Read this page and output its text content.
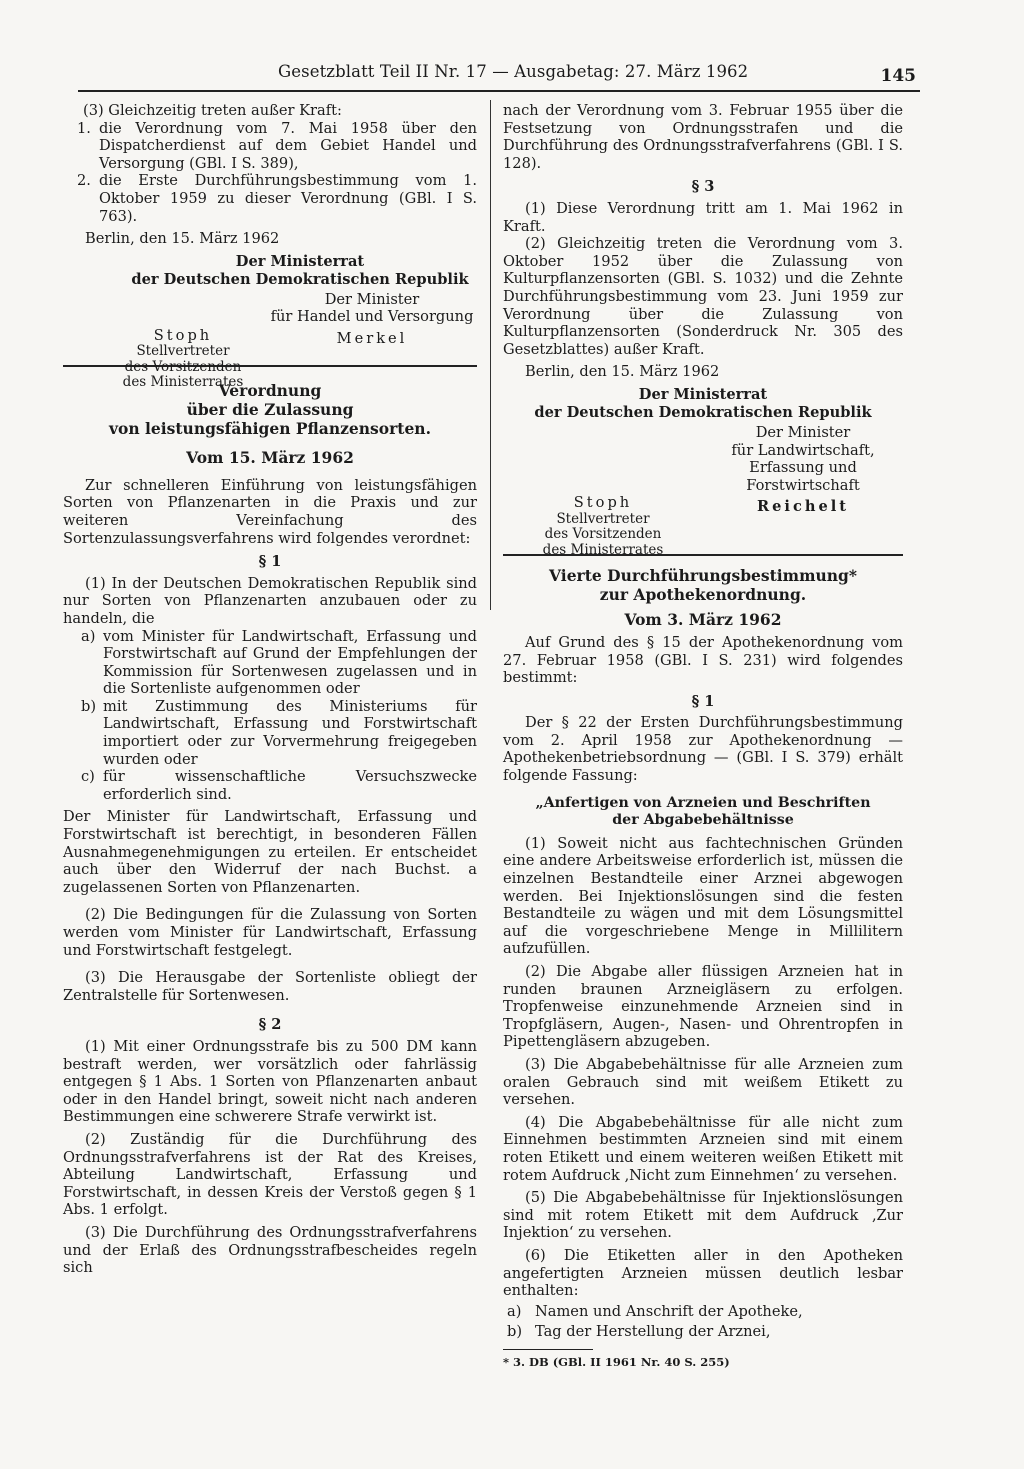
Gesetzblatt Teil II Nr. 17 — Ausgabetag: 27. März 1962	145

(3) Gleichzeitig treten außer Kraft:

1. die Verordnung vom 7. Mai 1958 über den Dispatcherdienst auf dem Gebiet Handel und Versorgung (GBl. I S. 389),
2. die Erste Durchführungsbestimmung vom 1. Oktober 1959 zu dieser Verordnung (GBl. I S. 763).

Berlin, den 15. März 1962

Der Ministerrat
der Deutschen Demokratischen Republik
Der Minister
für Handel und Versorgung
Merkel
Stoph
Stellvertreter
des Vorsitzenden
des Ministerrates
Verordnung
über die Zulassung
von leistungsfähigen Pflanzensorten.
Vom 15. März 1962

Zur schnelleren Einführung von leistungsfähigen Sorten von Pflanzenarten in die Praxis und zur weiteren Vereinfachung des Sortenzulassungsverfahrens wird folgendes verordnet:

§ 1

(1) In der Deutschen Demokratischen Republik sind nur Sorten von Pflanzenarten anzubauen oder zu handeln, die

a) vom Minister für Landwirtschaft, Erfassung und Forstwirtschaft auf Grund der Empfehlungen der Kommission für Sortenwesen zugelassen und in die Sortenliste aufgenommen oder
b) mit Zustimmung des Ministeriums für Landwirtschaft, Erfassung und Forstwirtschaft importiert oder zur Vorvermehrung freigegeben wurden oder
c) für wissenschaftliche Versuchszwecke erforderlich sind.

Der Minister für Landwirtschaft, Erfassung und Forstwirtschaft ist berechtigt, in besonderen Fällen Ausnahmegenehmigungen zu erteilen. Er entscheidet auch über den Widerruf der nach Buchst. a zugelassenen Sorten von Pflanzenarten.

(2) Die Bedingungen für die Zulassung von Sorten werden vom Minister für Landwirtschaft, Erfassung und Forstwirtschaft festgelegt.

(3) Die Herausgabe der Sortenliste obliegt der Zentralstelle für Sortenwesen.

§ 2

(1) Mit einer Ordnungsstrafe bis zu 500 DM kann bestraft werden, wer vorsätzlich oder fahrlässig entgegen § 1 Abs. 1 Sorten von Pflanzenarten anbaut oder in den Handel bringt, soweit nicht nach anderen Bestimmungen eine schwerere Strafe verwirkt ist.

(2) Zuständig für die Durchführung des Ordnungsstrafverfahrens ist der Rat des Kreises, Abteilung Landwirtschaft, Erfassung und Forstwirtschaft, in dessen Kreis der Verstoß gegen § 1 Abs. 1 erfolgt.

(3) Die Durchführung des Ordnungsstrafverfahrens und der Erlaß des Ordnungsstrafbescheides regeln sich

nach der Verordnung vom 3. Februar 1955 über die Festsetzung von Ordnungsstrafen und die Durchführung des Ordnungsstrafverfahrens (GBl. I S. 128).

§ 3

(1) Diese Verordnung tritt am 1. Mai 1962 in Kraft.

(2) Gleichzeitig treten die Verordnung vom 3. Oktober 1952 über die Zulassung von Kulturpflanzensorten (GBl. S. 1032) und die Zehnte Durchführungsbestimmung vom 23. Juni 1959 zur Verordnung über die Zulassung von Kulturpflanzensorten (Sonderdruck Nr. 305 des Gesetzblattes) außer Kraft.

Berlin, den 15. März 1962

Der Ministerrat
der Deutschen Demokratischen Republik
Der Minister
für Landwirtschaft,
Erfassung und
Forstwirtschaft
Reichelt
Stoph
Stellvertreter
des Vorsitzenden
des Ministerrates
Vierte Durchführungsbestimmung*
zur Apothekenordnung.
Vom 3. März 1962

Auf Grund des § 15 der Apothekenordnung vom 27. Februar 1958 (GBl. I S. 231) wird folgendes bestimmt:

§ 1

Der § 22 der Ersten Durchführungsbestimmung vom 2. April 1958 zur Apothekenordnung — Apothekenbetriebsordnung — (GBl. I S. 379) erhält folgende Fassung:

„Anfertigen von Arzneien und Beschriften
der Abgabebehältnisse

(1) Soweit nicht aus fachtechnischen Gründen eine andere Arbeitsweise erforderlich ist, müssen die einzelnen Bestandteile einer Arznei abgewogen werden. Bei Injektionslösungen sind die festen Bestandteile zu wägen und mit dem Lösungsmittel auf die vorgeschriebene Menge in Millilitern aufzufüllen.

(2) Die Abgabe aller flüssigen Arzneien hat in runden braunen Arzneigläsern zu erfolgen. Tropfenweise einzunehmende Arzneien sind in Tropfgläsern, Augen-, Nasen- und Ohrentropfen in Pipettengläsern abzugeben.

(3) Die Abgabebehältnisse für alle Arzneien zum oralen Gebrauch sind mit weißem Etikett zu versehen.

(4) Die Abgabebehältnisse für alle nicht zum Einnehmen bestimmten Arzneien sind mit einem roten Etikett und einem weiteren weißen Etikett mit rotem Aufdruck ‚Nicht zum Einnehmen‘ zu versehen.

(5) Die Abgabebehältnisse für Injektionslösungen sind mit rotem Etikett mit dem Aufdruck ‚Zur Injektion‘ zu versehen.

(6) Die Etiketten aller in den Apotheken angefertigten Arzneien müssen deutlich lesbar enthalten:

a) Namen und Anschrift der Apotheke,
b) Tag der Herstellung der Arznei,
* 3. DB (GBl. II 1961 Nr. 40 S. 255)
